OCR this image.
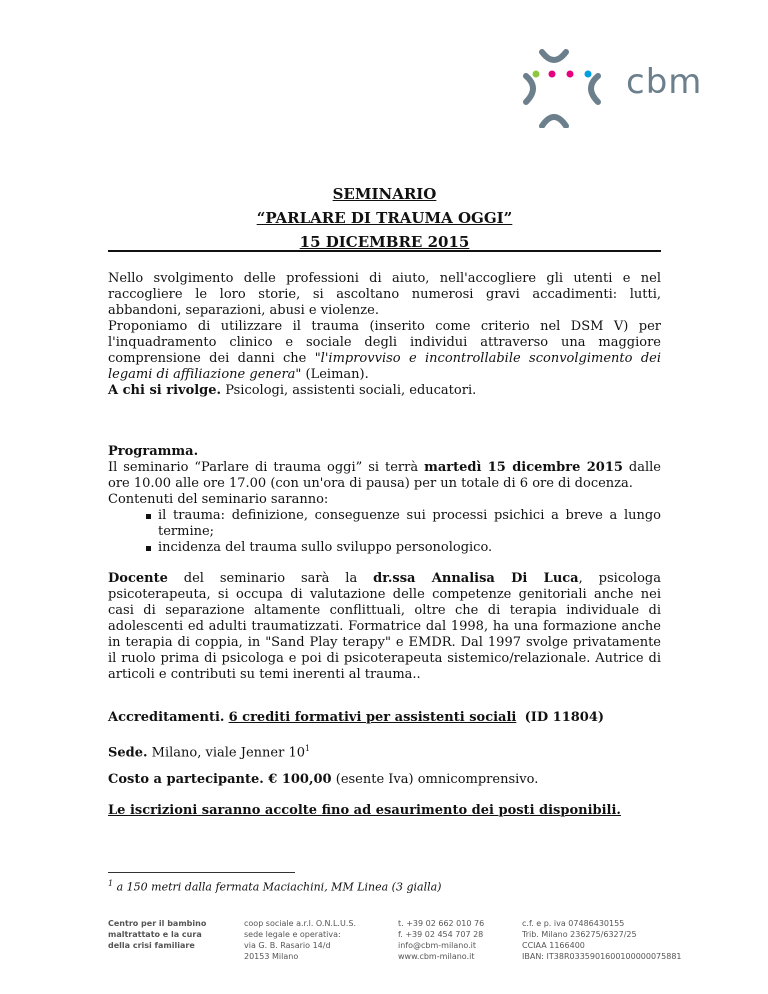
cbm
SEMINARIO
“PARLARE DI TRAUMA OGGI”
15 DICEMBRE 2015

Nello svolgimento delle professioni di aiuto, nell'accogliere gli utenti e nel raccogliere le loro storie, si ascoltano numerosi gravi accadimenti: lutti, abbandoni, separazioni, abusi e violenze.

Proponiamo di utilizzare il trauma (inserito come criterio nel DSM V) per l'inquadramento clinico e sociale degli individui attraverso una maggiore comprensione dei danni che "l'improvviso e incontrollabile sconvolgimento dei legami di affiliazione genera" (Leiman).

A chi si rivolge. Psicologi, assistenti sociali, educatori.

Programma.

Il seminario “Parlare di trauma oggi” si terrà martedì 15 dicembre 2015 dalle ore 10.00 alle ore 17.00 (con un'ora di pausa) per un totale di 6 ore di docenza.

Contenuti del seminario saranno:

il trauma: definizione, conseguenze sui processi psichici a breve a lungo termine;
incidenza del trauma sullo sviluppo personologico.

Docente del seminario sarà la dr.ssa Annalisa Di Luca, psicologa psicoterapeuta, si occupa di valutazione delle competenze genitoriali anche nei casi di separazione altamente conflittuali, oltre che di terapia individuale di adolescenti ed adulti traumatizzati. Formatrice dal 1998, ha una formazione anche in terapia di coppia, in "Sand Play terapy" e EMDR. Dal 1997 svolge privatamente il ruolo prima di psicologa e poi di psicoterapeuta sistemico/relazionale. Autrice di articoli e contributi su temi inerenti al trauma..

Accreditamenti. 6 crediti formativi per assistenti sociali (ID 11804)

Sede. Milano, viale Jenner $10^1$

Costo a partecipante. € 100,00 (esente Iva) omnicomprensivo.

Le iscrizioni saranno accolte fino ad esaurimento dei posti disponibili.

$^1$ a 150 metri dalla fermata Maciachini, MM Linea (3 gialla)
Centro per il bambino
maltrattato e la cura
della crisi familiare
coop sociale a.r.l. O.N.L.U.S.
sede legale e operativa:
via G. B. Rasario 14/d
20153 Milano
t. +39 02 662 010 76
f. +39 02 454 707 28
info@cbm-milano.it
www.cbm-milano.it
c.f. e p. iva 07486430155
Trib. Milano 236275/6327/25
CCIAA 1166400
IBAN: IT38R0335901600100000075881
